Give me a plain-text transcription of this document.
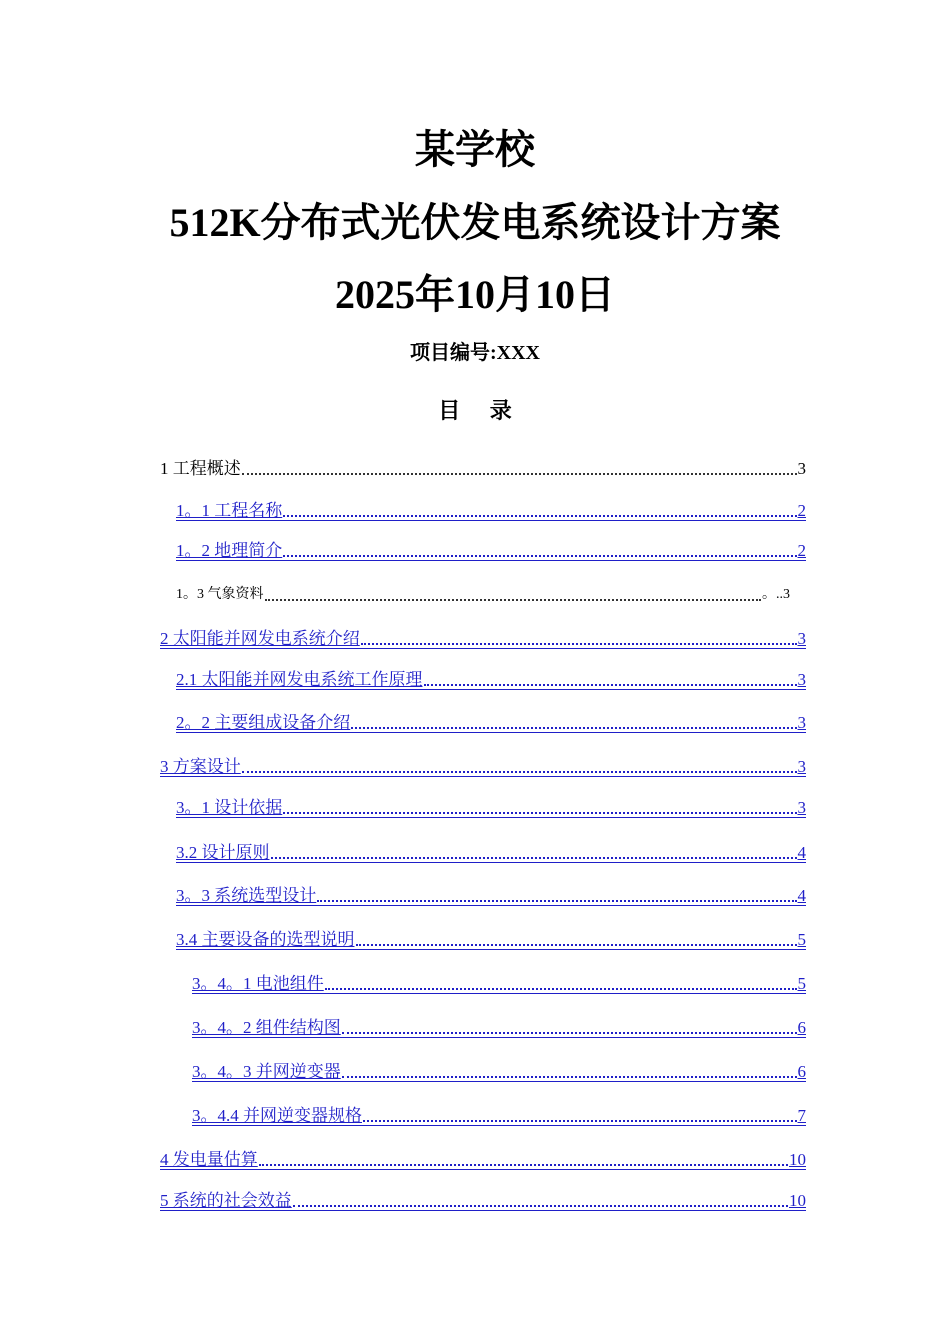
某学校
512K分布式光伏发电系统设计方案
2025年10月10日
项目编号:XXX
目 录
1 工程概述	3
1。1 工程名称	2
1。2 地理简介	2
1。3 气象资料	。..3
2 太阳能并网发电系统介绍	3
2.1 太阳能并网发电系统工作原理	3
2。2 主要组成设备介绍	3
3 方案设计	3
3。1 设计依据	3
3.2 设计原则	4
3。3 系统选型设计	4
3.4 主要设备的选型说明	5
3。4。1 电池组件	5
3。4。2 组件结构图	6
3。4。3 并网逆变器	6
3。4.4 并网逆变器规格	7
4 发电量估算	10
5 系统的社会效益	10
